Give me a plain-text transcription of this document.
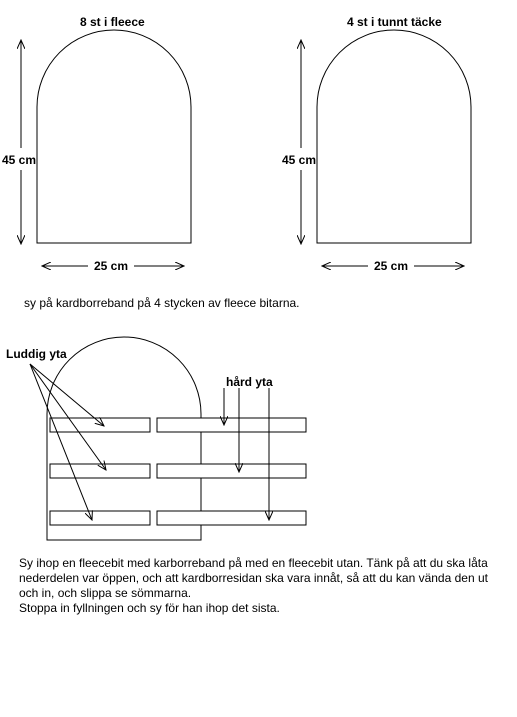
8 st i fleece	4 st i tunnt täcke
45 cm	45 cm
25 cm	25 cm
sy på kardborreband på 4 stycken av fleece bitarna.
Luddig yta
hård yta

Sy ihop en fleecebit med karborreband på med en fleecebit utan. Tänk på att du ska låta

nederdelen var öppen, och att kardborresidan ska vara innåt, så att du kan vända den ut

och in, och slippa se sömmarna.

Stoppa in fyllningen och sy för han ihop det sista.
